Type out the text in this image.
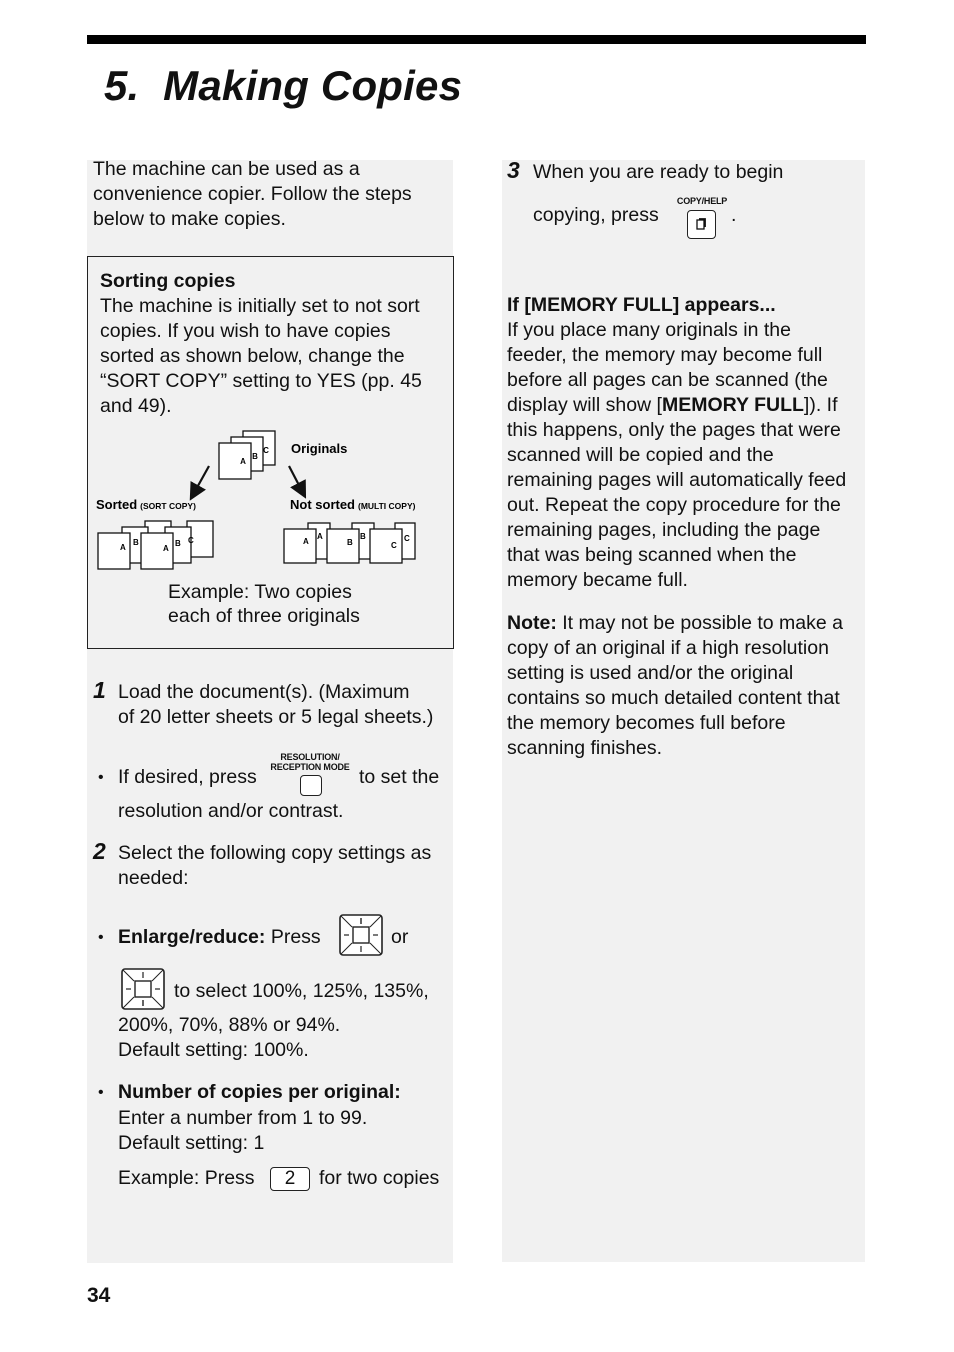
5.  Making Copies
The machine can be used as a
convenience copier. Follow the steps
below to make copies.
Sorting copies
The machine is initially set to not sort
copies. If you wish to have copies
sorted as shown below, change the
“SORT COPY” setting to YES (pp. 45
and 49).
C
B
A
Originals
Sorted (SORT COPY)	Not sorted (MULTI COPY)
B
A
C
B
A
A
A
B
B	C
C
Example: Two copies
each of three originals
1 Load the document(s). (Maximum
of 20 letter sheets or 5 legal sheets.)
• If desired, press
RESOLUTION/
RECEPTION MODE to set the
resolution and/or contrast.
2 Select the following copy settings as
needed:
• Enlarge/reduce: Press	or
to select 100%, 125%, 135%,
200%, 70%, 88% or 94%.
Default setting: 100%.
• Number of copies per original:
Enter a number from 1 to 99.
Default setting: 1
Example: Press	2	for two copies
3 When you are ready to begin
copying, press
COPY/HELP
.
If [MEMORY FULL] appears...
If you place many originals in the
feeder, the memory may become full
before all pages can be scanned (the
display will show [MEMORY FULL]). If
this happens, only the pages that were
scanned will be copied and the
remaining pages will automatically feed
out. Repeat the copy procedure for the
remaining pages, including the page
that was being scanned when the
memory became full.
Note: It may not be possible to make a
copy of an original if a high resolution
setting is used and/or the original
contains so much detailed content that
the memory becomes full before
scanning finishes.
34
